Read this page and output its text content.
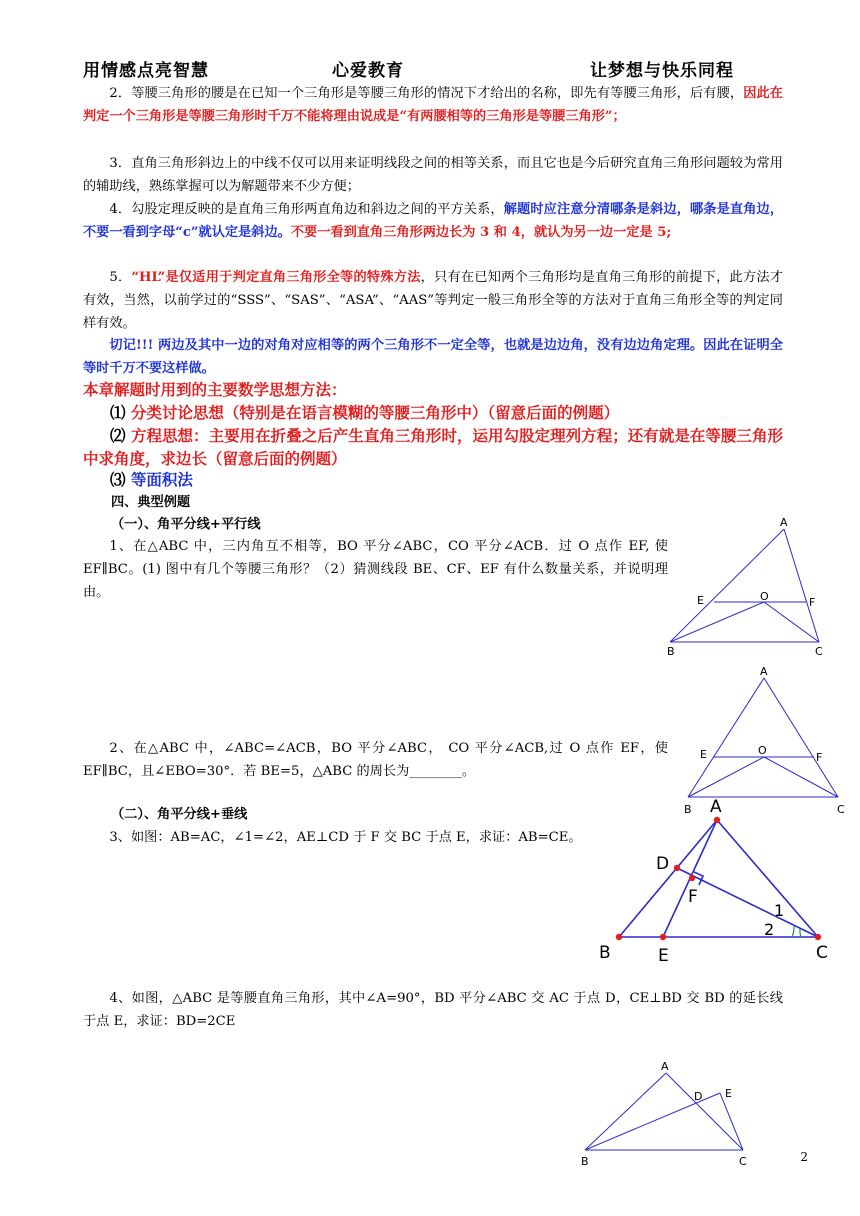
用情感点亮智慧	心爱教育	让梦想与快乐同程
2．等腰三角形的腰是在已知一个三角形是等腰三角形的情况下才给出的名称，即先有等腰三角形，后有腰，因此在判定一个三角形是等腰三角形时千万不能将理由说成是“有两腰相等的三角形是等腰三角形”；
3．直角三角形斜边上的中线不仅可以用来证明线段之间的相等关系，而且它也是今后研究直角三角形问题较为常用的辅助线，熟练掌握可以为解题带来不少方便；
4．勾股定理反映的是直角三角形两直角边和斜边之间的平方关系，解题时应注意分清哪条是斜边，哪条是直角边，不要一看到字母“c”就认定是斜边。不要一看到直角三角形两边长为 3 和 4，就认为另一边一定是 5;
5．“HL”是仅适用于判定直角三角形全等的特殊方法，只有在已知两个三角形均是直角三角形的前提下，此方法才有效，当然，以前学过的“SSS”、“SAS”、“ASA”、“AAS”等判定一般三角形全等的方法对于直角三角形全等的判定同样有效。
切记!!! 两边及其中一边的对角对应相等的两个三角形不一定全等，也就是边边角，没有边边角定理。因此在证明全等时千万不要这样做。
本章解题时用到的主要数学思想方法：
⑴ 分类讨论思想（特别是在语言模糊的等腰三角形中）（留意后面的例题）
⑵ 方程思想：主要用在折叠之后产生直角三角形时，运用勾股定理列方程；还有就是在等腰三角形中求角度，求边长（留意后面的例题）
⑶ 等面积法
四、典型例题
（一）、角平分线+平行线
1、在△ABC 中，三内角互不相等，BO 平分∠ABC，CO 平分∠ACB．过 O 点作 EF, 使 EF∥BC。(1) 图中有几个等腰三角形？（2）猜测线段 BE、CF、EF 有什么数量关系，并说明理由。
2、在△ABC 中，∠ABC=∠ACB，BO 平分∠ABC， CO 平分∠ACB,过 O 点作 EF，使 EF∥BC，且∠EBO=30°．若 BE=5，△ABC 的周长为________。
（二）、角平分线+垂线
3、如图：AB=AC，∠1=∠2，AE⊥CD 于 F 交 BC 于点 E，求证：AB=CE。
4、如图，△ABC 是等腰直角三角形，其中∠A=90°，BD 平分∠ABC 交 AC 于点 D，CE⊥BD 交 BD 的延长线于点 E，求证：BD=2CE
A
B	C
E	O	F
A
B	C
E	O
F
A
B	C
D
E
F
1
2
A
B	C
D E
2
